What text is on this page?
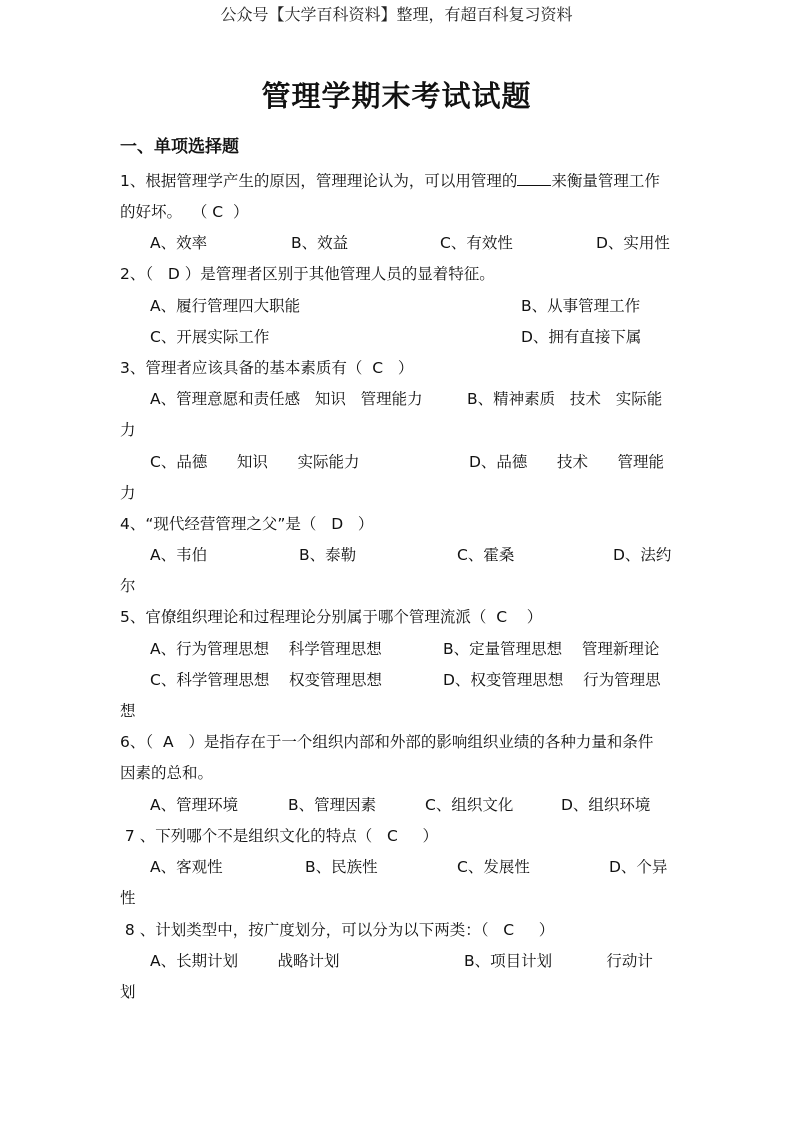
公众号【大学百科资料】整理，有超百科复习资料
管理学期末考试试题
一、单项选择题
1、根据管理学产生的原因，管理理论认为，可以用管理的 来衡量管理工作
的好坏。  （ C  ）
A、效率	B、效益	C、有效性	D、实用性
2、（   D ）是管理者区别于其他管理人员的显着特征。
A、履行管理四大职能	B、从事管理工作
C、开展实际工作	D、拥有直接下属
3、管理者应该具备的基本素质有（  C   ）
A、管理意愿和责任感   知识   管理能力	B、精神素质   技术   实际能
力
C、品德      知识      实际能力	D、品德      技术      管理能
力
4、“现代经营管理之父”是（   D   ）
A、韦伯	B、泰勒	C、霍桑	D、法约
尔
5、官僚组织理论和过程理论分别属于哪个管理流派（  C    ）
A、行为管理思想    科学管理思想	B、定量管理思想    管理新理论
C、科学管理思想    权变管理思想	D、权变管理思想    行为管理思
想
6、（  A   ）是指存在于一个组织内部和外部的影响组织业绩的各种力量和条件
因素的总和。
A、管理环境	B、管理因素	C、组织文化	D、组织环境
7 、下列哪个不是组织文化的特点（   C     ）
A、客观性	B、民族性	C、发展性	D、个异
性
8 、计划类型中，按广度划分，可以分为以下两类：（   C     ）
A、长期计划        战略计划	B、项目计划           行动计
划
